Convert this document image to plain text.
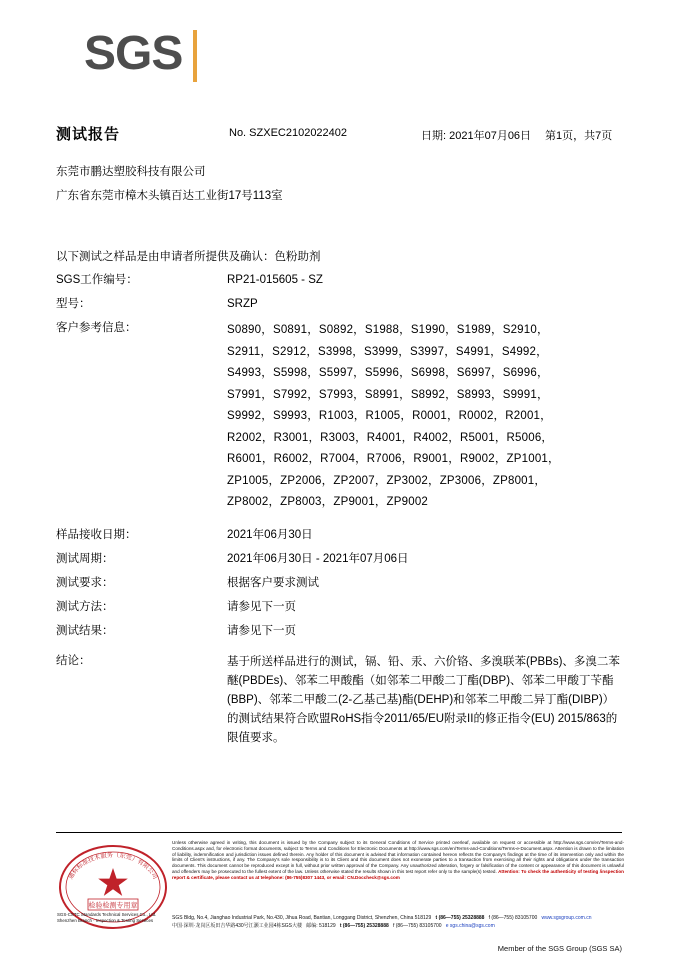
SGS
测试报告	No. SZXEC2102022402	日期: 2021年07月06日 第1页，共7页
东莞市鹏达塑胶科技有限公司
广东省东莞市樟木头镇百达工业街17号113室
以下测试之样品是由申请者所提供及确认：色粉助剂
SGS工作编号：	RP21-015605 - SZ
型号：	SRZP
客户参考信息：	S0890，S0891，S0892，S1988，S1990，S1989，S2910，
S2911，S2912，S3998，S3999，S3997，S4991，S4992，
S4993，S5998，S5997，S5996，S6998，S6997，S6996，
S7991，S7992，S7993，S8991，S8992，S8993，S9991，
S9992，S9993，R1003，R1005，R0001，R0002，R2001，
R2002，R3001，R3003，R4001，R4002，R5001，R5006，
R6001，R6002，R7004，R7006，R9001，R9002，ZP1001，
ZP1005，ZP2006，ZP2007，ZP3002，ZP3006，ZP8001，
ZP8002，ZP8003，ZP9001，ZP9002
样品接收日期：	2021年06月30日
测试周期：	2021年06月30日 - 2021年07月06日
测试要求：	根据客户要求测试
测试方法：	请参见下一页
测试结果：	请参见下一页
结论：	基于所送样品进行的测试，镉、铅、汞、六价铬、多溴联苯(PBBs)、多溴二苯醚(PBDEs)、邻苯二甲酸酯（如邻苯二甲酸二丁酯(DBP)、邻苯二甲酸丁苄酯(BBP)、邻苯二甲酸二(2-乙基己基)酯(DEHP)和邻苯二甲酸二异丁酯(DIBP)）的测试结果符合欧盟RoHS指令2011/65/EU附录II的修正指令(EU) 2015/863的限值要求。
通标标准技术服务（东莞）有限公司
检验检测专用章
Unless otherwise agreed in writing, this document is issued by the Company subject to its General Conditions of Service printed overleaf, available on request or accessible at http://www.sgs.com/en/Terms-and-Conditions.aspx and, for electronic format documents, subject to Terms and Conditions for Electronic Documents at http://www.sgs.com/en/Terms-and-Conditions/Terms-e-Document.aspx. Attention is drawn to the limitation of liability, indemnification and jurisdiction issues defined therein. Any holder of this document is advised that information contained hereon reflects the Company's findings at the time of its intervention only and within the limits of Client's instructions, if any. The Company's sole responsibility is to its Client and this document does not exonerate parties to a transaction from exercising all their rights and obligations under the transaction documents. This document cannot be reproduced except in full, without prior written approval of the Company. Any unauthorized alteration, forgery or falsification of the content or appearance of this document is unlawful and offenders may be prosecuted to the fullest extent of the law. Unless otherwise stated the results shown in this test report refer only to the sample(s) tested. Attention: To check the authenticity of testing /inspection report & certificate, please contact us at telephone: (86-755)8307 1443, or email: CN.Doccheck@sgs.com
SGS-CSTC Standards Technical Services Co., Ltd. Shenzhen Branch · Inspection & Testing Services	SGS Bldg, No.4, Jianghao Industrial Park, No.430, Jihua Road, Bantian, Longgang District, Shenzhen, China 518129 t (86—755) 25328888 f (86—755) 83105700 www.sgsgroup.com.cn
中国·深圳·龙岗区坂田吉华路430号江灏工业园4栋SGS大楼 邮编: 518129 t (86—755) 25328888 f (86—755) 83105700 e sgs.china@sgs.com
Member of the SGS Group (SGS SA)
